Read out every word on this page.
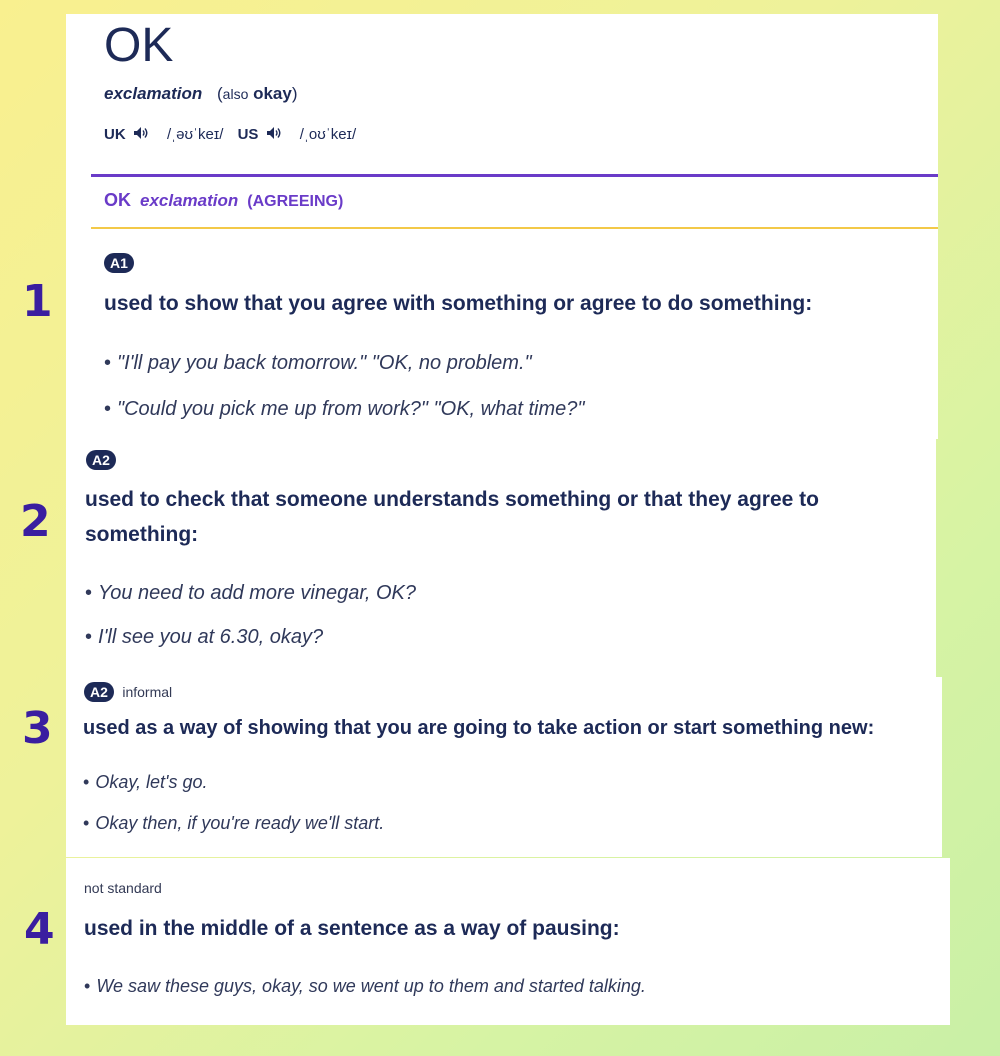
OK
exclamation (also okay)
UK	/ˌəʊˈkeɪ/ US	/ˌoʊˈkeɪ/
OK exclamation (AGREEING)
A1
used to show that you agree with something or agree to do something:
• "I'll pay you back tomorrow." "OK, no problem."
• "Could you pick me up from work?" "OK, what time?"
1
A2
used to check that someone understands something or that they agree to
something:
• You need to add more vinegar, OK?
• I'll see you at 6.30, okay?
2
A2 informal
used as a way of showing that you are going to take action or start something new:
• Okay, let's go.
• Okay then, if you're ready we'll start.
3
not standard
used in the middle of a sentence as a way of pausing:
• We saw these guys, okay, so we went up to them and started talking.
4
